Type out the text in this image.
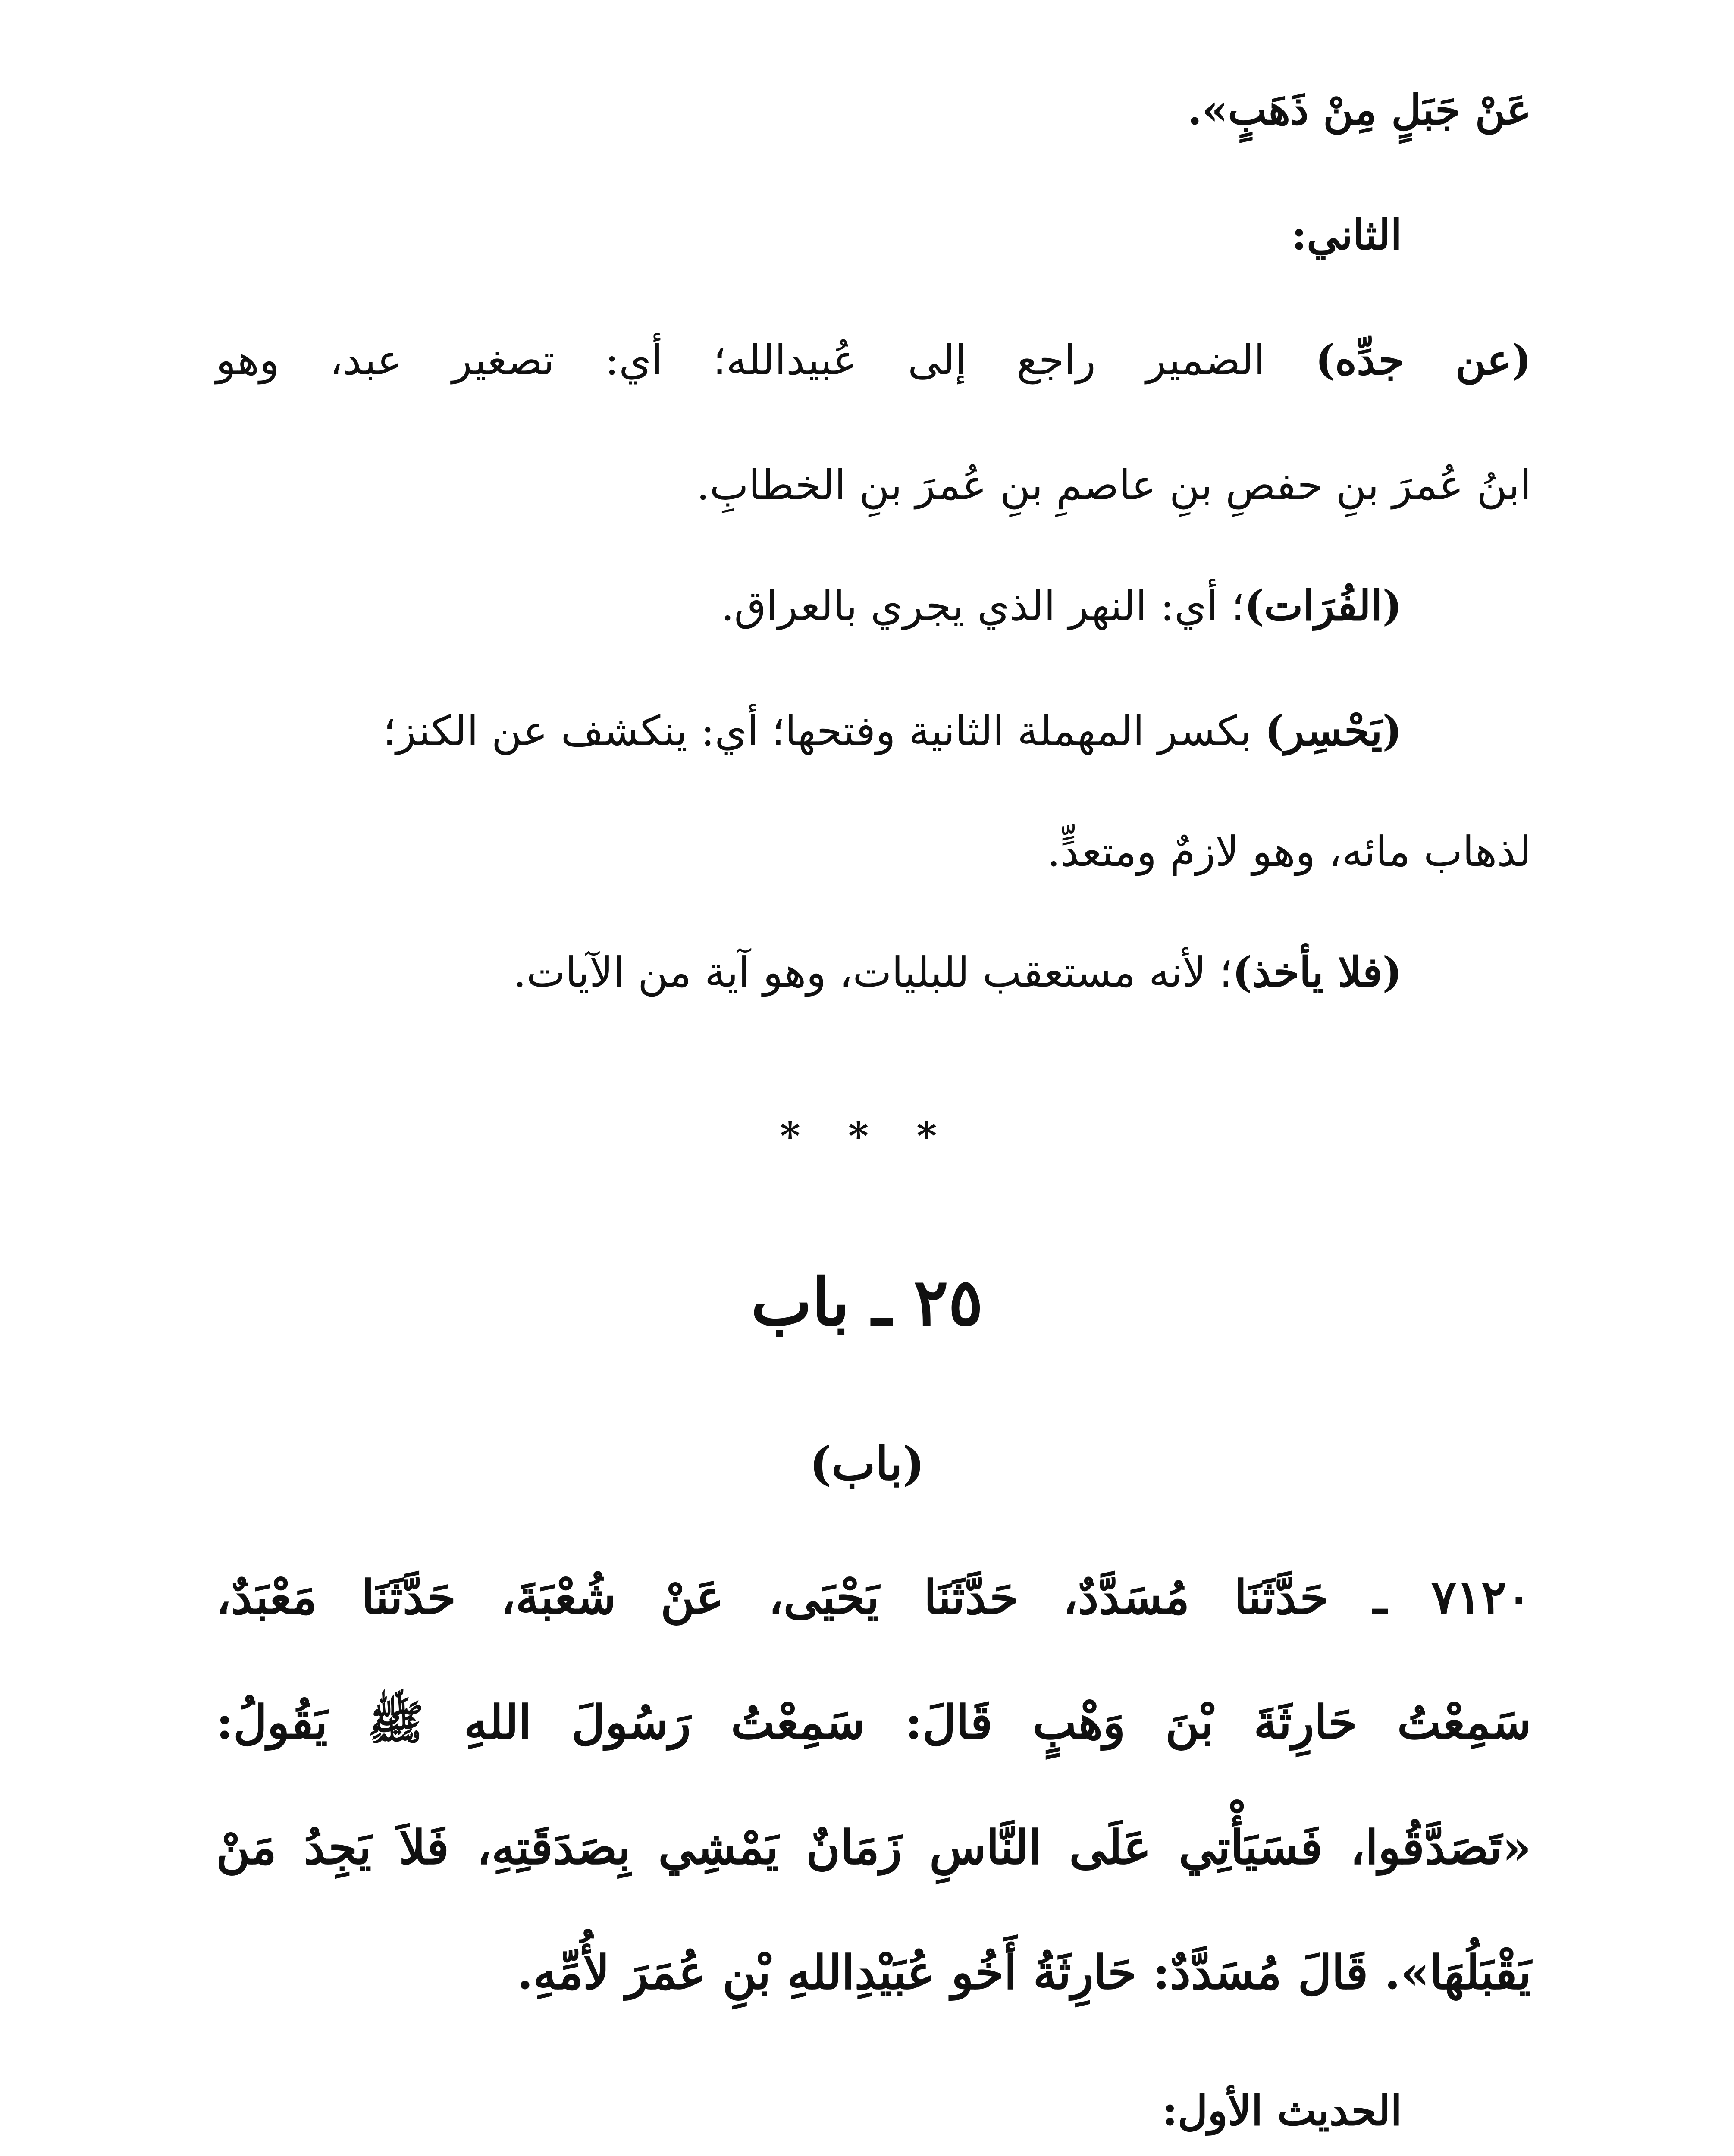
عَنْ جَبَلٍ مِنْ ذَهَبٍ».
الثاني:
(عن جدِّه) الضمير راجع إلى عُبيدالله؛ أي: تصغير عبد، وهو
ابنُ عُمرَ بنِ حفصِ بنِ عاصمِ بنِ عُمرَ بنِ الخطابِ.
(الفُرَات)؛ أي: النهر الذي يجري بالعراق.
(يَحْسِر) بكسر المهملة الثانية وفتحها؛ أي: ينكشف عن الكنز؛
لذهاب مائه، وهو لازمٌ ومتعدٍّ.
(فلا يأخذ)؛ لأنه مستعقب للبليات، وهو آية من الآيات.
* * *
٢٥ ـ باب
(باب)
٧١٢٠ ـ حَدَّثَنَا مُسَدَّدٌ، حَدَّثَنَا يَحْيَى، عَنْ شُعْبَةَ، حَدَّثَنَا مَعْبَدٌ،
سَمِعْتُ حَارِثَةَ بْنَ وَهْبٍ قَالَ: سَمِعْتُ رَسُولَ اللهِ ﷺ يَقُولُ:
«تَصَدَّقُوا، فَسَيَأْتِي عَلَى النَّاسِ زَمَانٌ يَمْشِي بِصَدَقَتِهِ، فَلاَ يَجِدُ مَنْ
يَقْبَلُهَا». قَالَ مُسَدَّدٌ: حَارِثَةُ أَخُو عُبَيْدِاللهِ بْنِ عُمَرَ لأُمِّهِ.
الحديث الأول:
